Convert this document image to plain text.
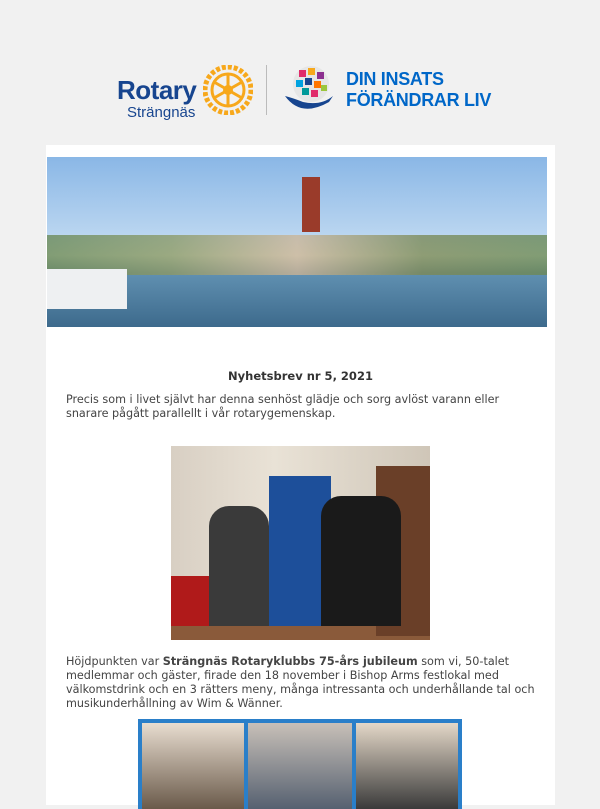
Rotary
Strängnäs
DIN INSATS
FÖRÄNDRAR LIV
Nyhetsbrev nr 5, 2021
Precis som i livet självt har denna senhöst glädje och sorg avlöst varann eller snarare pågått parallellt i vår rotarygemenskap.
Höjdpunkten var Strängnäs Rotaryklubbs 75-års jubileum som vi, 50-talet medlemmar och gäster, firade den 18 november i Bishop Arms festlokal med välkomstdrink och en 3 rätters meny, många intressanta och underhållande tal och musikunderhållning av Wim & Wänner.
